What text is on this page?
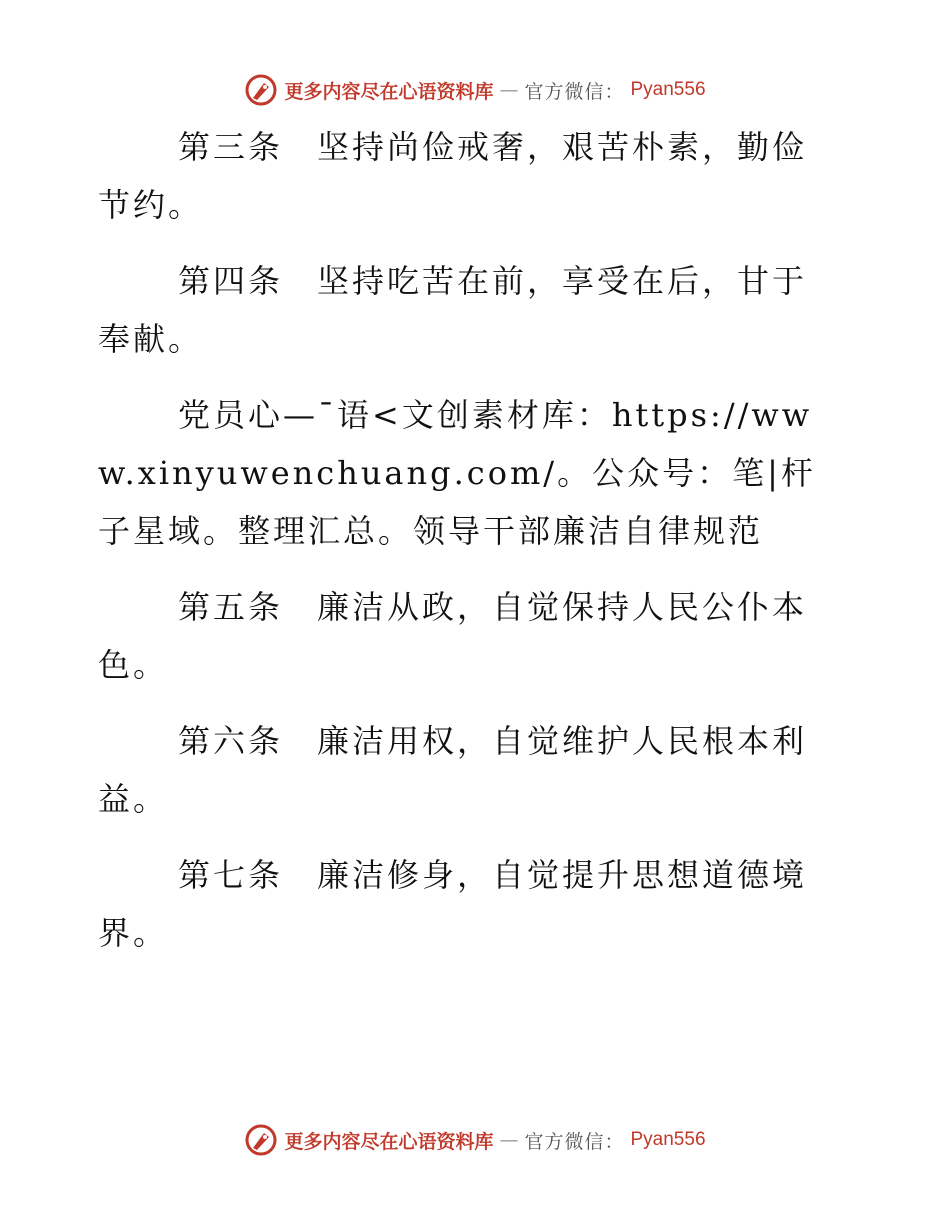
更多内容尽在心语资料库 — 官方微信： Pyan556

第三条 坚持尚俭戒奢，艰苦朴素，勤俭节约。

第四条 坚持吃苦在前，享受在后，甘于奉献。

党员心—¯语<文创素材库：https://www.xinyuwenchuang.com/。公众号：笔|杆子星域。整理汇总。领导干部廉洁自律规范

第五条 廉洁从政，自觉保持人民公仆本色。

第六条 廉洁用权，自觉维护人民根本利益。

第七条 廉洁修身，自觉提升思想道德境界。

更多内容尽在心语资料库 — 官方微信： Pyan556
